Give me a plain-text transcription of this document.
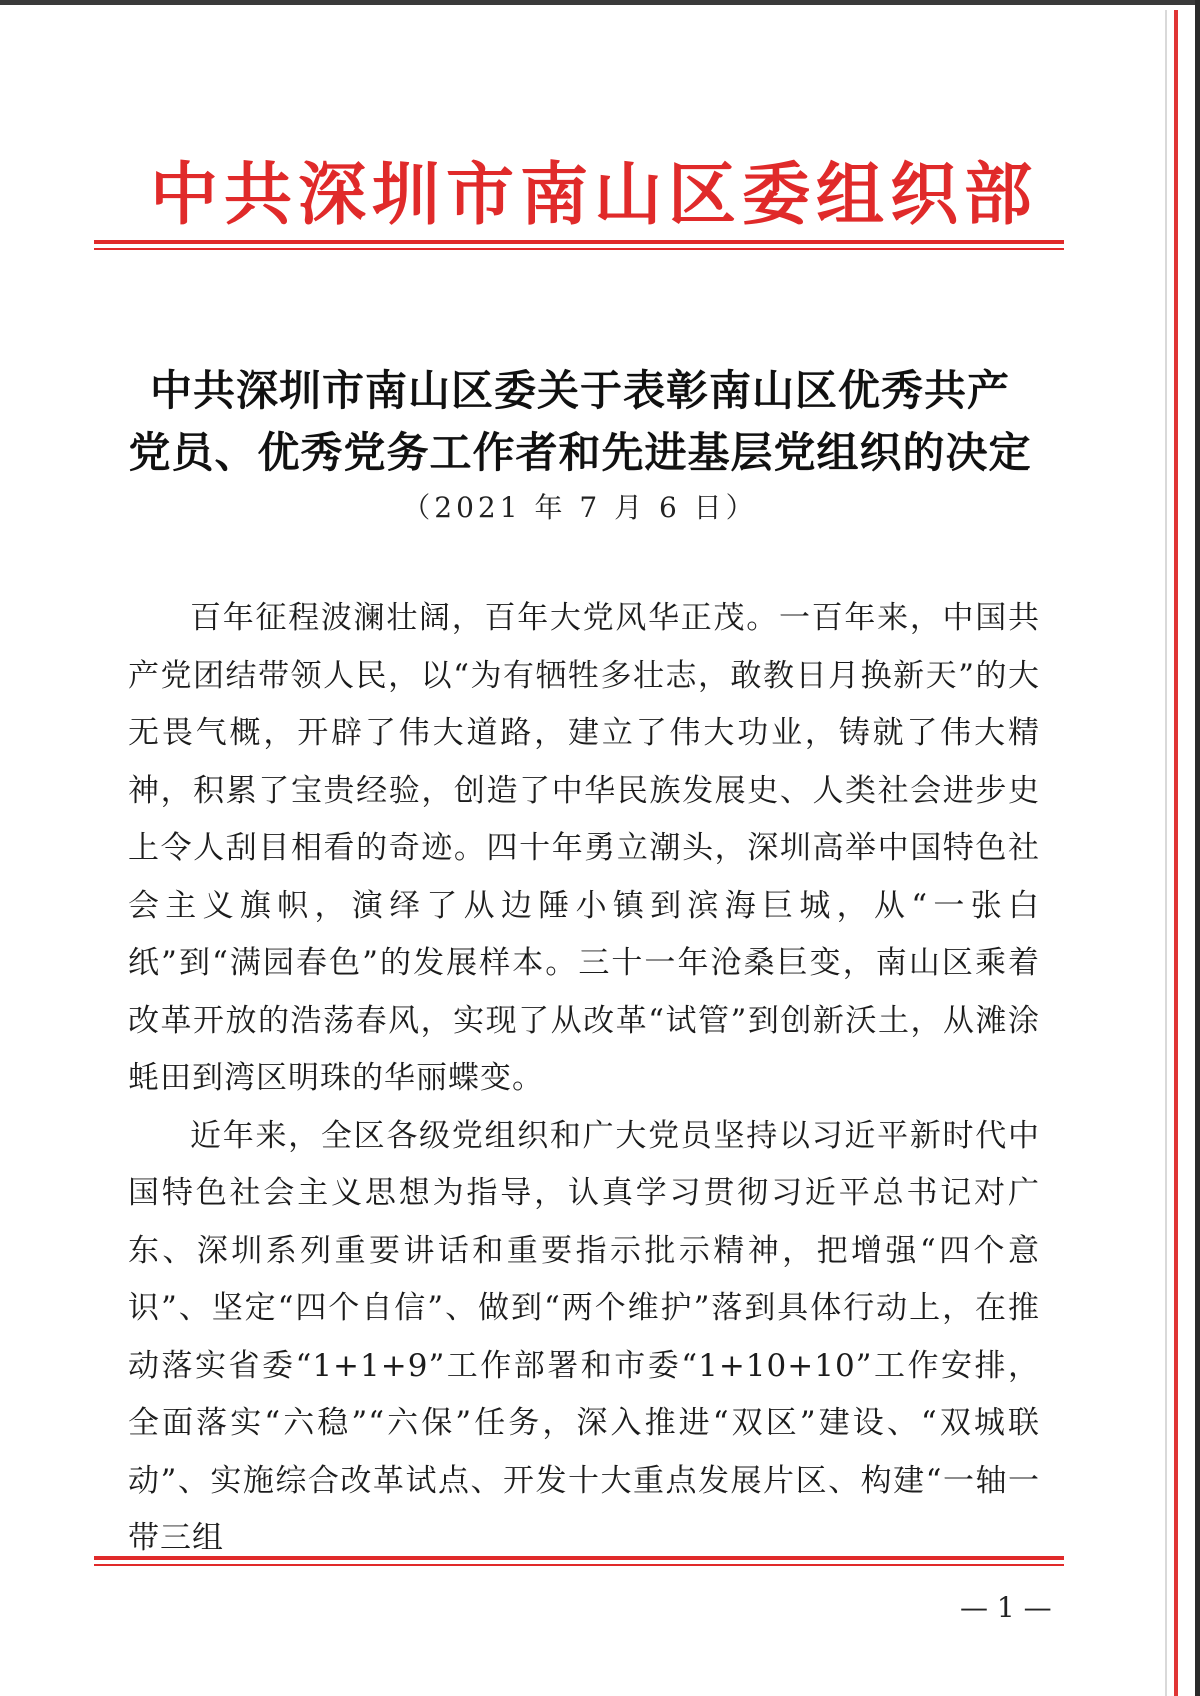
中共深圳市南山区委组织部
中共深圳市南山区委关于表彰南山区优秀共产
党员、优秀党务工作者和先进基层党组织的决定
（2021 年 7 月 6 日）

百年征程波澜壮阔，百年大党风华正茂。一百年来，中国共产党团结带领人民，以“为有牺牲多壮志，敢教日月换新天”的大无畏气概，开辟了伟大道路，建立了伟大功业，铸就了伟大精神，积累了宝贵经验，创造了中华民族发展史、人类社会进步史上令人刮目相看的奇迹。四十年勇立潮头，深圳高举中国特色社会主义旗帜，演绎了从边陲小镇到滨海巨城，从“一张白纸”到“满园春色”的发展样本。三十一年沧桑巨变，南山区乘着改革开放的浩荡春风，实现了从改革“试管”到创新沃土，从滩涂蚝田到湾区明珠的华丽蝶变。

近年来，全区各级党组织和广大党员坚持以习近平新时代中国特色社会主义思想为指导，认真学习贯彻习近平总书记对广东、深圳系列重要讲话和重要指示批示精神，把增强“四个意识”、坚定“四个自信”、做到“两个维护”落到具体行动上，在推动落实省委“1+1+9”工作部署和市委“1+10+10”工作安排，全面落实“六稳”“六保”任务，深入推进“双区”建设、“双城联动”、实施综合改革试点、开发十大重点发展片区、构建“一轴一带三组

— 1 —
